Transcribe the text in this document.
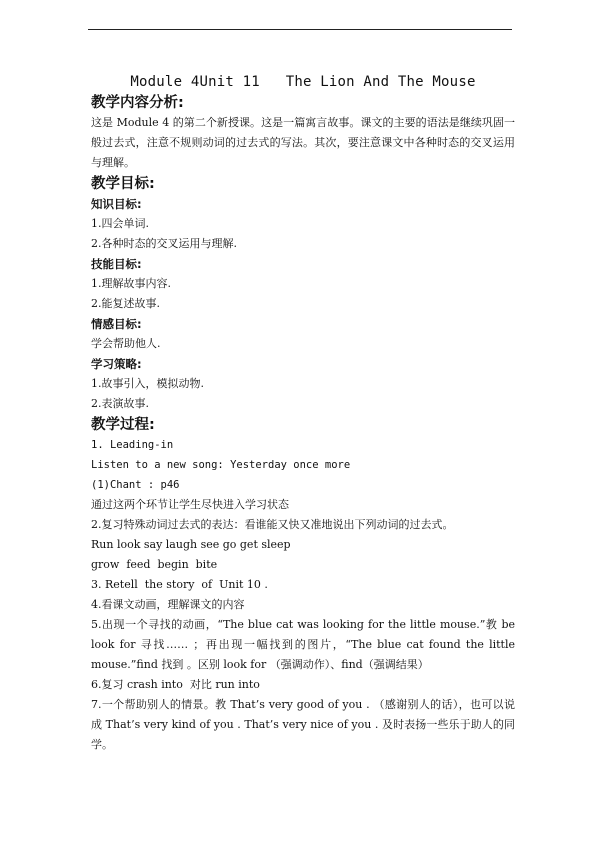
Module 4Unit 11   The Lion And The Mouse
教学内容分析:
这是 Module 4 的第二个新授课。这是一篇寓言故事。课文的主要的语法是继续巩固一般过去式，注意不规则动词的过去式的写法。其次，要注意课文中各种时态的交叉运用与理解。
教学目标:
知识目标:
1.四会单词.
2.各种时态的交叉运用与理解.
技能目标:
1.理解故事内容.
2.能复述故事.
情感目标:
学会帮助他人.
学习策略:
1.故事引入，模拟动物.
2.表演故事.
教学过程:
1. Leading-in
Listen to a new song: Yesterday once more
(1)Chant : p46
通过这两个环节让学生尽快进入学习状态
2.复习特殊动词过去式的表达：看谁能又快又准地说出下列动词的过去式。
Run look say laugh see go get sleep
grow  feed  begin  bite
3. Retell  the story  of  Unit 10 .
4.看课文动画，理解课文的内容
5.出现一个寻找的动画，“The blue cat was looking for the little mouse.”教 be look for 寻找…… ；再出现一幅找到的图片，“The blue cat found the little mouse.”find 找到 。区别 look for （强调动作）、find（强调结果）
6.复习 crash into  对比 run into
7.一个帮助别人的情景。教 That’s very good of you . （感谢别人的话），也可以说成 That’s very kind of you . That’s very nice of you . 及时表扬一些乐于助人的同学。
